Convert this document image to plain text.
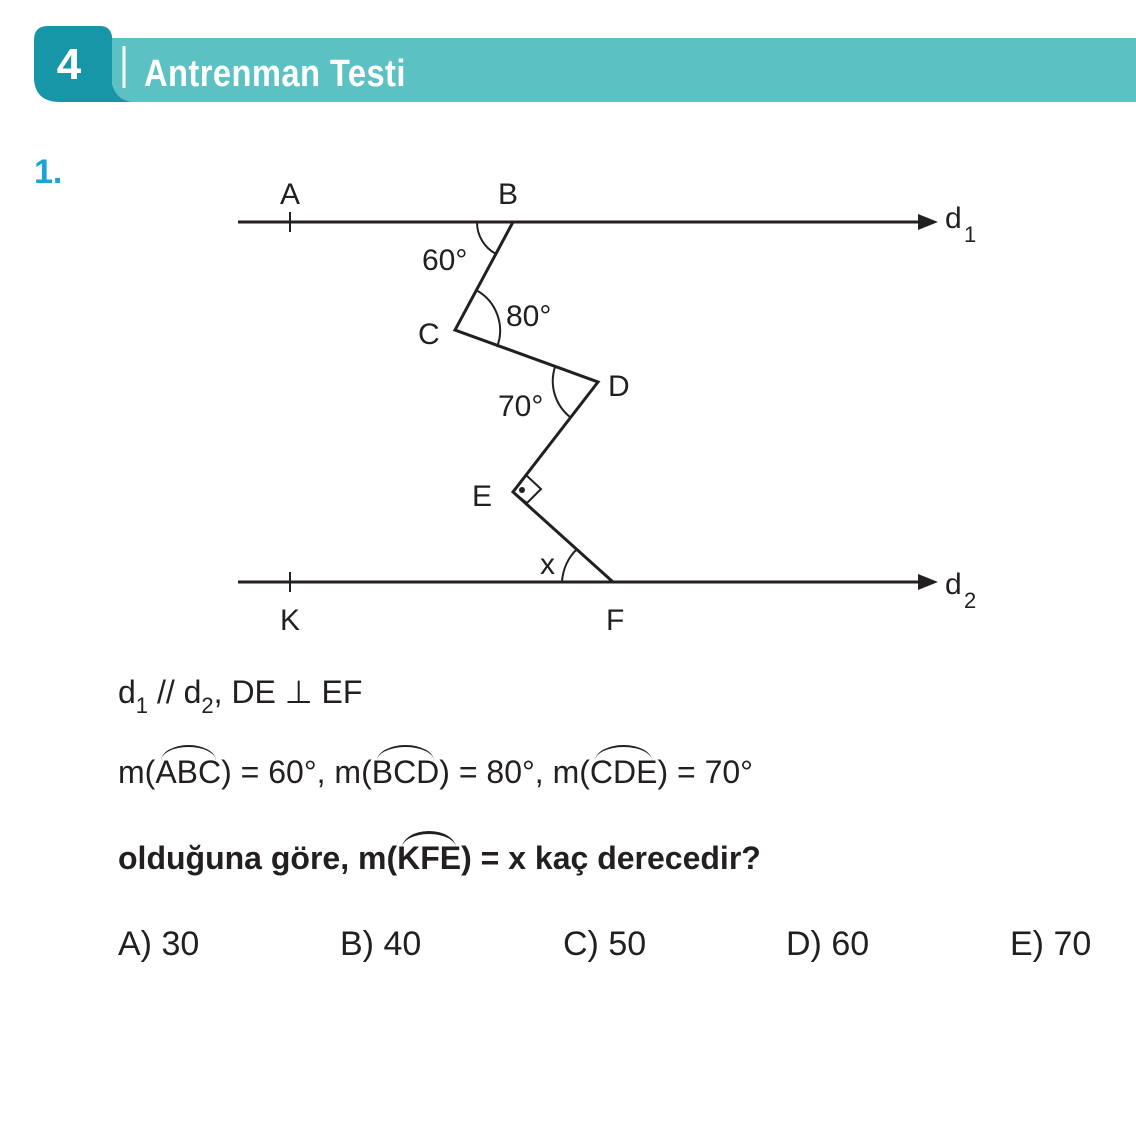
4	Antrenman Testi
1.
A	B
C
D
E
K	F
d 1
d 2
60°
80°
70°
x
$d_1 // d_2$, DE ⊥ EF
m(ABC) = 60°, m(BCD) = 80°, m(CDE) = 70°
olduğuna göre, m(KFE) = x kaç derecedir?
A) 30	B) 40	C) 50	D) 60	E) 70
